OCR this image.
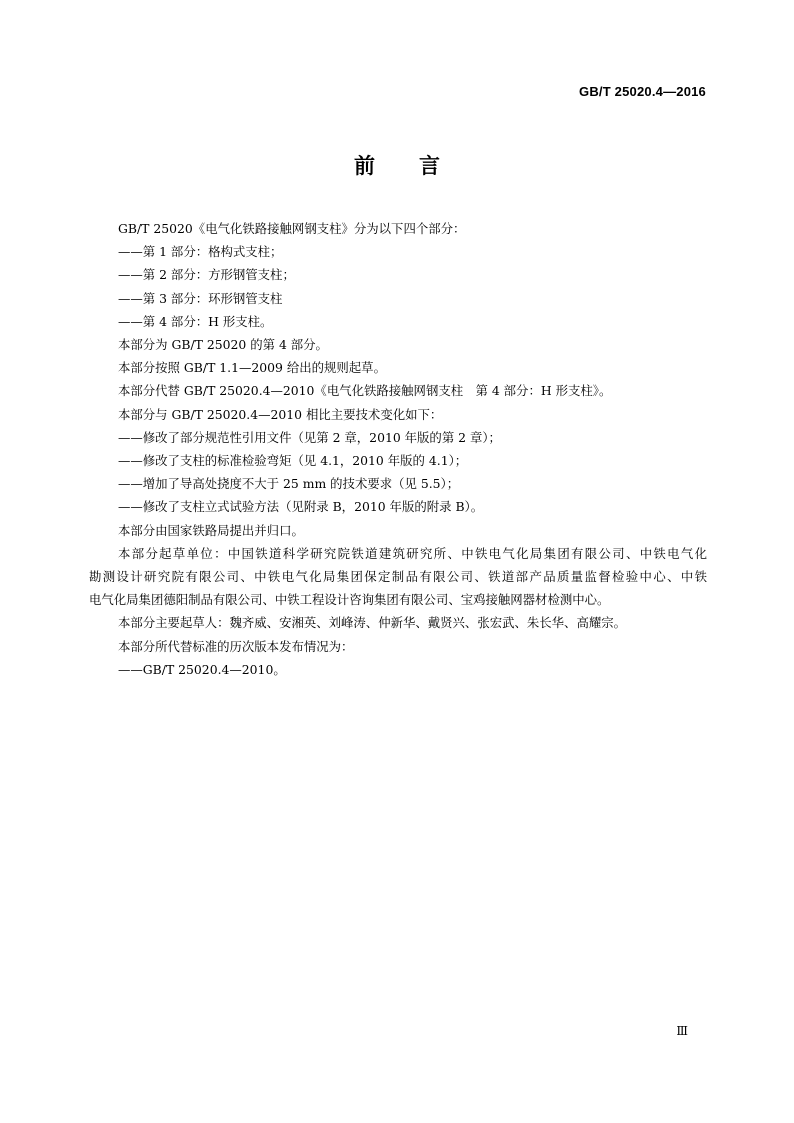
GB/T 25020.4—2016
前言

GB/T 25020《电气化铁路接触网钢支柱》分为以下四个部分：

——第 1 部分：格构式支柱；

——第 2 部分：方形钢管支柱；

——第 3 部分：环形钢管支柱

——第 4 部分：H 形支柱。

本部分为 GB/T 25020 的第 4 部分。

本部分按照 GB/T 1.1—2009 给出的规则起草。

本部分代替 GB/T 25020.4—2010《电气化铁路接触网钢支柱　第 4 部分：H 形支柱》。

本部分与 GB/T 25020.4—2010 相比主要技术变化如下：

——修改了部分规范性引用文件（见第 2 章，2010 年版的第 2 章）；

——修改了支柱的标准检验弯矩（见 4.1，2010 年版的 4.1）；

——增加了导高处挠度不大于 25 mm 的技术要求（见 5.5）；

——修改了支柱立式试验方法（见附录 B，2010 年版的附录 B）。

本部分由国家铁路局提出并归口。

本部分起草单位：中国铁道科学研究院铁道建筑研究所、中铁电气化局集团有限公司、中铁电气化

勘测设计研究院有限公司、中铁电气化局集团保定制品有限公司、铁道部产品质量监督检验中心、中铁

电气化局集团德阳制品有限公司、中铁工程设计咨询集团有限公司、宝鸡接触网器材检测中心。

本部分主要起草人：魏齐威、安湘英、刘峰涛、仲新华、戴贤兴、张宏武、朱长华、高耀宗。

本部分所代替标准的历次版本发布情况为：

——GB/T 25020.4—2010。

Ⅲ
